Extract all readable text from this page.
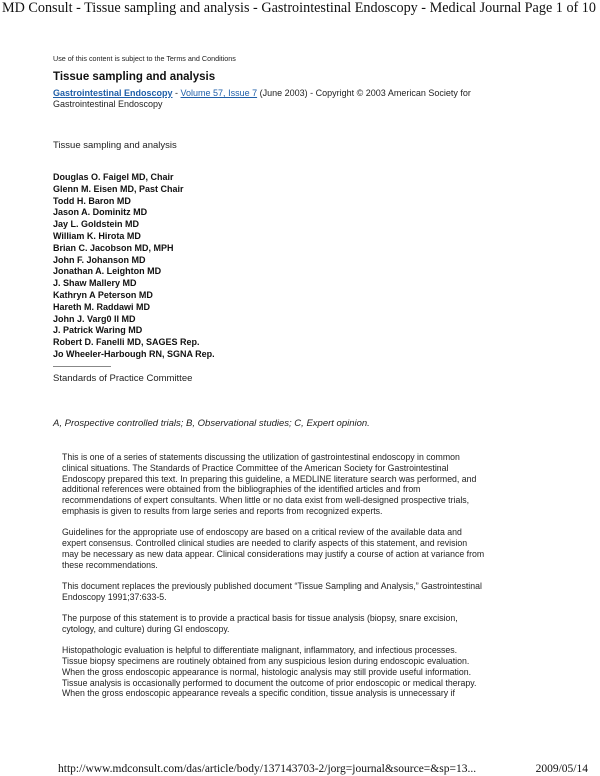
MD Consult - Tissue sampling and analysis - Gastrointestinal Endoscopy - Medical Journal Page 1 of 10
Use of this content is subject to the Terms and Conditions
Tissue sampling and analysis
Gastrointestinal Endoscopy - Volume 57, Issue 7 (June 2003) - Copyright © 2003 American Society for
Gastrointestinal Endoscopy
Tissue sampling and analysis
Douglas O. Faigel MD, Chair
Glenn M. Eisen MD, Past Chair
Todd H. Baron MD
Jason A. Dominitz MD
Jay L. Goldstein MD
William K. Hirota MD
Brian C. Jacobson MD, MPH
John F. Johanson MD
Jonathan A. Leighton MD
J. Shaw Mallery MD
Kathryn A Peterson MD
Hareth M. Raddawi MD
John J. Varg0 II MD
J. Patrick Waring MD
Robert D. Fanelli MD, SAGES Rep.
Jo Wheeler-Harbough RN, SGNA Rep.
Standards of Practice Committee
A, Prospective controlled trials; B, Observational studies; C, Expert opinion.

This is one of a series of statements discussing the utilization of gastrointestinal endoscopy in common
clinical situations. The Standards of Practice Committee of the American Society for Gastrointestinal
Endoscopy prepared this text. In preparing this guideline, a MEDLINE literature search was performed, and
additional references were obtained from the bibliographies of the identified articles and from
recommendations of expert consultants. When little or no data exist from well-designed prospective trials,
emphasis is given to results from large series and reports from recognized experts.

Guidelines for the appropriate use of endoscopy are based on a critical review of the available data and
expert consensus. Controlled clinical studies are needed to clarify aspects of this statement, and revision
may be necessary as new data appear. Clinical considerations may justify a course of action at variance from
these recommendations.

This document replaces the previously published document “Tissue Sampling and Analysis,” Gastrointestinal
Endoscopy 1991;37:633-5.

The purpose of this statement is to provide a practical basis for tissue analysis (biopsy, snare excision,
cytology, and culture) during GI endoscopy.

Histopathologic evaluation is helpful to differentiate malignant, inflammatory, and infectious processes.
Tissue biopsy specimens are routinely obtained from any suspicious lesion during endoscopic evaluation.
When the gross endoscopic appearance is normal, histologic analysis may still provide useful information.
Tissue analysis is occasionally performed to document the outcome of prior endoscopic or medical therapy.
When the gross endoscopic appearance reveals a specific condition, tissue analysis is unnecessary if

http://www.mdconsult.com/das/article/body/137143703-2/jorg=journal&source=&sp=13...	2009/05/14
